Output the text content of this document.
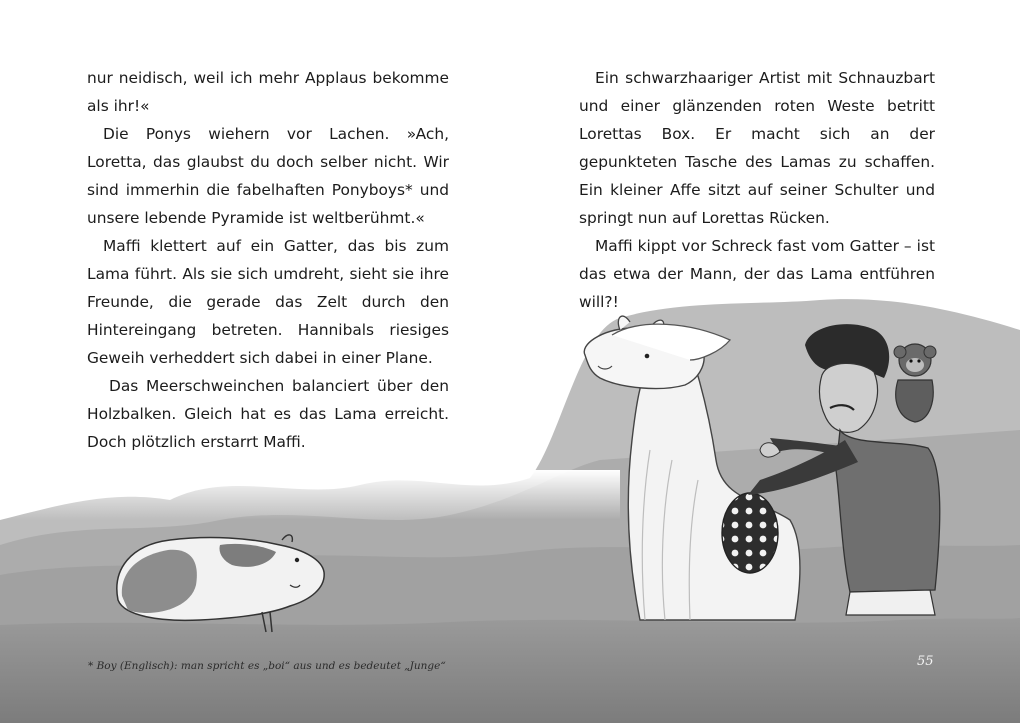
nur neidisch, weil ich mehr Applaus bekomme als ihr!«

Die Ponys wiehern vor Lachen. »Ach, Loretta, das glaubst du doch selber nicht. Wir sind immerhin die fabelhaften Ponyboys* und unsere lebende Pyramide ist weltberühmt.«

Maffi klettert auf ein Gatter, das bis zum Lama führt. Als sie sich umdreht, sieht sie ihre Freunde, die gerade das Zelt durch den Hintereingang betreten. Hannibals riesiges Geweih verheddert sich dabei in einer Plane.

Das Meerschweinchen balanciert über den Holzbalken. Gleich hat es das Lama erreicht. Doch plötzlich erstarrt Maffi.

Ein schwarzhaariger Artist mit Schnauzbart und einer glänzenden roten Weste betritt Lorettas Box. Er macht sich an der gepunkteten Tasche des Lamas zu schaffen. Ein kleiner Affe sitzt auf seiner Schulter und springt nun auf Lorettas Rücken.

Maffi kippt vor Schreck fast vom Gatter – ist das etwa der Mann, der das Lama entführen will?!

* Boy (Englisch): man spricht es „boi“ aus und es bedeutet „Junge“	55
